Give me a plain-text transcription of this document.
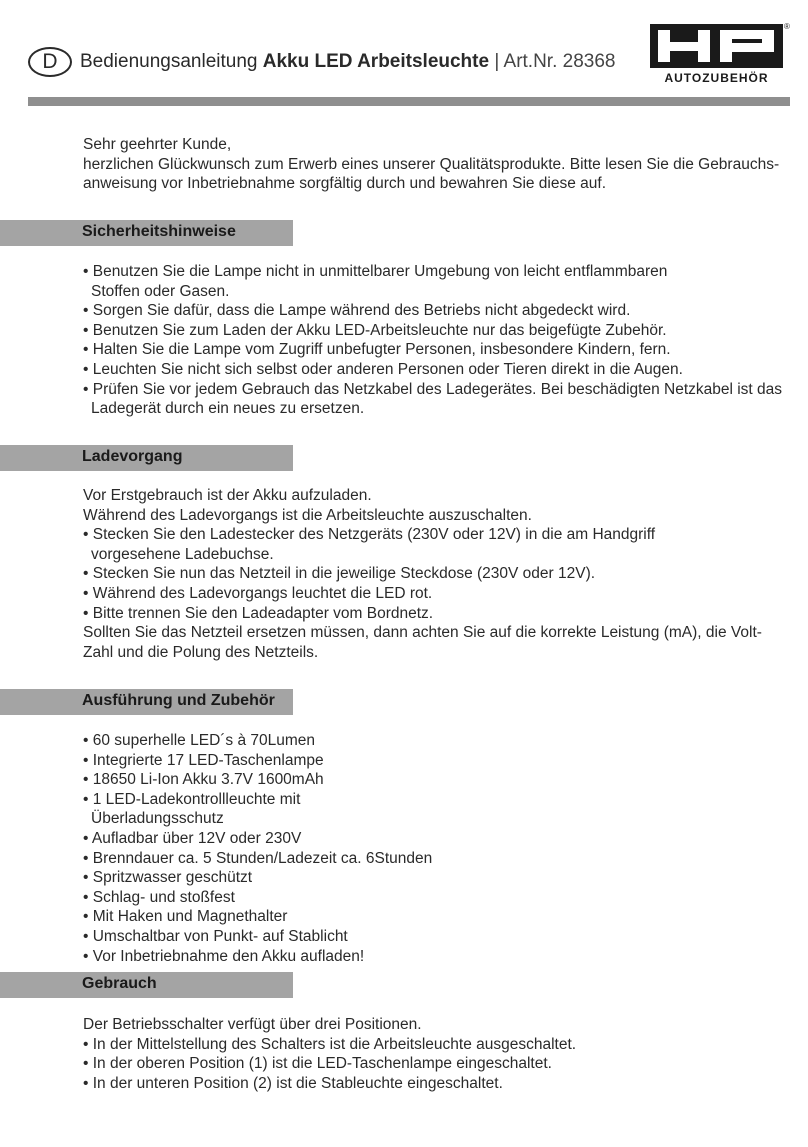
D	Bedienungsanleitung Akku LED Arbeitsleuchte | Art.Nr. 28368
®
AUTOZUBEHÖR

Sehr geehrter Kunde,

herzlichen Glückwunsch zum Erwerb eines unserer Qualitätsprodukte. Bitte lesen Sie die Gebrauchs-

anweisung vor Inbetriebnahme sorgfältig durch und bewahren Sie diese auf.

Sicherheitshinweise

• Benutzen Sie die Lampe nicht in unmittelbarer Umgebung von leicht entflammbaren

Stoffen oder Gasen.

• Sorgen Sie dafür, dass die Lampe während des Betriebs nicht abgedeckt wird.

• Benutzen Sie zum Laden der Akku LED-Arbeitsleuchte nur das beigefügte Zubehör.

• Halten Sie die Lampe vom Zugriff unbefugter Personen, insbesondere Kindern, fern.

• Leuchten Sie nicht sich selbst oder anderen Personen oder Tieren direkt in die Augen.

• Prüfen Sie vor jedem Gebrauch das Netzkabel des Ladegerätes. Bei beschädigten Netzkabel ist das

Ladegerät durch ein neues zu ersetzen.

Ladevorgang

Vor Erstgebrauch ist der Akku aufzuladen.

Während des Ladevorgangs ist die Arbeitsleuchte auszuschalten.

• Stecken Sie den Ladestecker des Netzgeräts (230V oder 12V) in die am Handgriff

vorgesehene Ladebuchse.

• Stecken Sie nun das Netzteil in die jeweilige Steckdose (230V oder 12V).

• Während des Ladevorgangs leuchtet die LED rot.

• Bitte trennen Sie den Ladeadapter vom Bordnetz.

Sollten Sie das Netzteil ersetzen müssen, dann achten Sie auf die korrekte Leistung (mA), die Volt-

Zahl und die Polung des Netzteils.

Ausführung und Zubehör

• 60 superhelle LED´s à 70Lumen

• Integrierte 17 LED-Taschenlampe

• 18650 Li-Ion Akku 3.7V 1600mAh

• 1 LED-Ladekontrollleuchte mit

Überladungsschutz

• Aufladbar über 12V oder 230V

• Brenndauer ca. 5 Stunden/Ladezeit ca. 6Stunden

• Spritzwasser geschützt

• Schlag- und stoßfest

• Mit Haken und Magnethalter

• Umschaltbar von Punkt- auf Stablicht

• Vor Inbetriebnahme den Akku aufladen!

Gebrauch

Der Betriebsschalter verfügt über drei Positionen.

• In der Mittelstellung des Schalters ist die Arbeitsleuchte ausgeschaltet.

• In der oberen Position (1) ist die LED-Taschenlampe eingeschaltet.

• In der unteren Position (2) ist die Stableuchte eingeschaltet.
